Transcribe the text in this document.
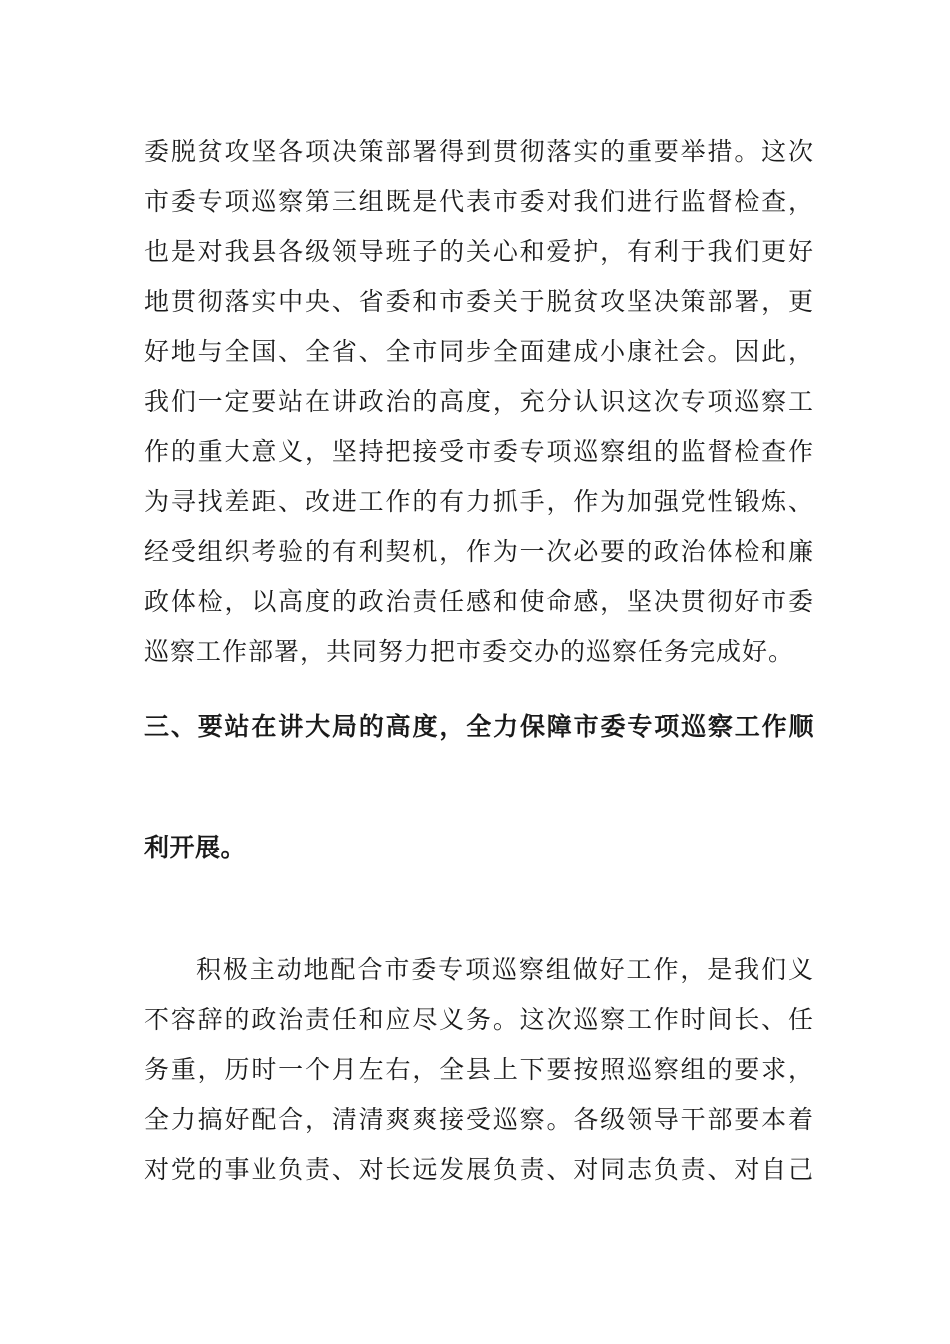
委脱贫攻坚各项决策部署得到贯彻落实的重要举措。这次
市委专项巡察第三组既是代表市委对我们进行监督检查，
也是对我县各级领导班子的关心和爱护，有利于我们更好
地贯彻落实中央、省委和市委关于脱贫攻坚决策部署，更
好地与全国、全省、全市同步全面建成小康社会。因此，
我们一定要站在讲政治的高度，充分认识这次专项巡察工
作的重大意义，坚持把接受市委专项巡察组的监督检查作
为寻找差距、改进工作的有力抓手，作为加强党性锻炼、
经受组织考验的有利契机，作为一次必要的政治体检和廉
政体检，以高度的政治责任感和使命感，坚决贯彻好市委
巡察工作部署，共同努力把市委交办的巡察任务完成好。
三、要站在讲大局的高度，全力保障市委专项巡察工作顺
利开展。
积极主动地配合市委专项巡察组做好工作，是我们义
不容辞的政治责任和应尽义务。这次巡察工作时间长、任
务重，历时一个月左右，全县上下要按照巡察组的要求，
全力搞好配合，清清爽爽接受巡察。各级领导干部要本着
对党的事业负责、对长远发展负责、对同志负责、对自己
